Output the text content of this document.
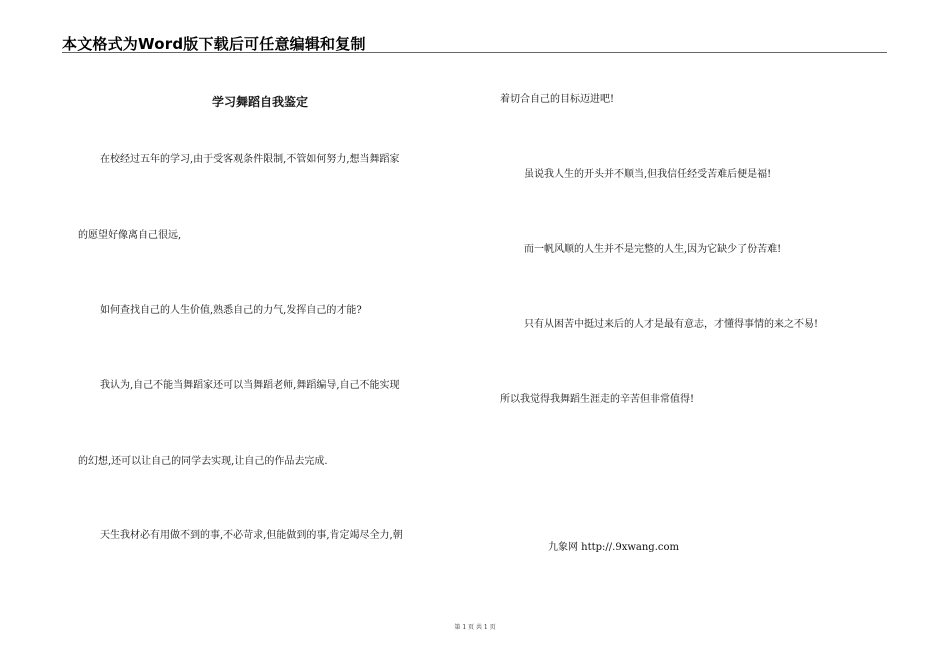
本文格式为Word版下载后可任意编辑和复制
学习舞蹈自我鉴定
在校经过五年的学习,由于受客观条件限制,不管如何努力,想当舞蹈家
的愿望好像离自己很远,
如何查找自己的人生价值,熟悉自己的力气,发挥自己的才能?
我认为,自己不能当舞蹈家还可以当舞蹈老师,舞蹈编导,自己不能实现
的幻想,还可以让自己的同学去实现,让自己的作品去完成.
天生我材必有用做不到的事,不必苛求,但能做到的事,肯定竭尽全力,朝
着切合自己的目标迈进吧!
虽说我人生的开头并不顺当,但我信任经受苦难后便是福!
而一帆风顺的人生并不是完整的人生,因为它缺少了份苦难!
只有从困苦中挺过来后的人才是最有意志，才懂得事情的来之不易!
所以我觉得我舞蹈生涯走的辛苦但非常值得!
九象网 http://.9xwang.com
第 1 页 共 1 页
